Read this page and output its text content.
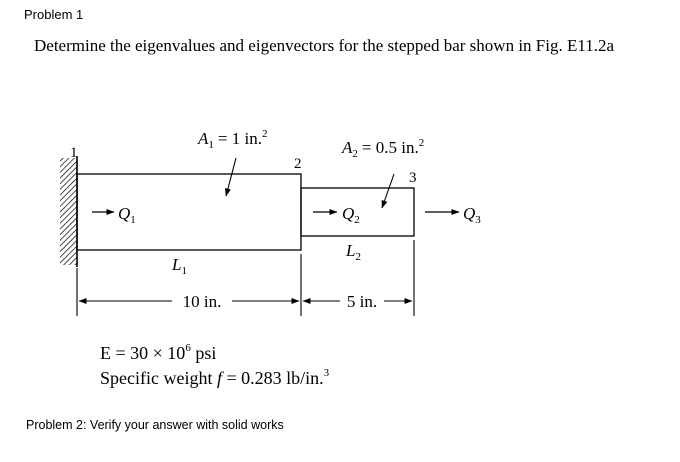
Problem 1
Determine the eigenvalues and eigenvectors for the stepped bar shown in Fig. E11.2a
1
2
3
$A_1 = 1$ in.$^2$
$A_2 = 0.5$ in.$^2$
$Q_1$	$Q_2$	$Q_3$
$L_1$
$L_2$
10 in.	5 in.
$E = 30 \times 10^6$ psi
Specific weight f = 0.283 lb/in.$^3$
Problem 2: Verify your answer with solid works
